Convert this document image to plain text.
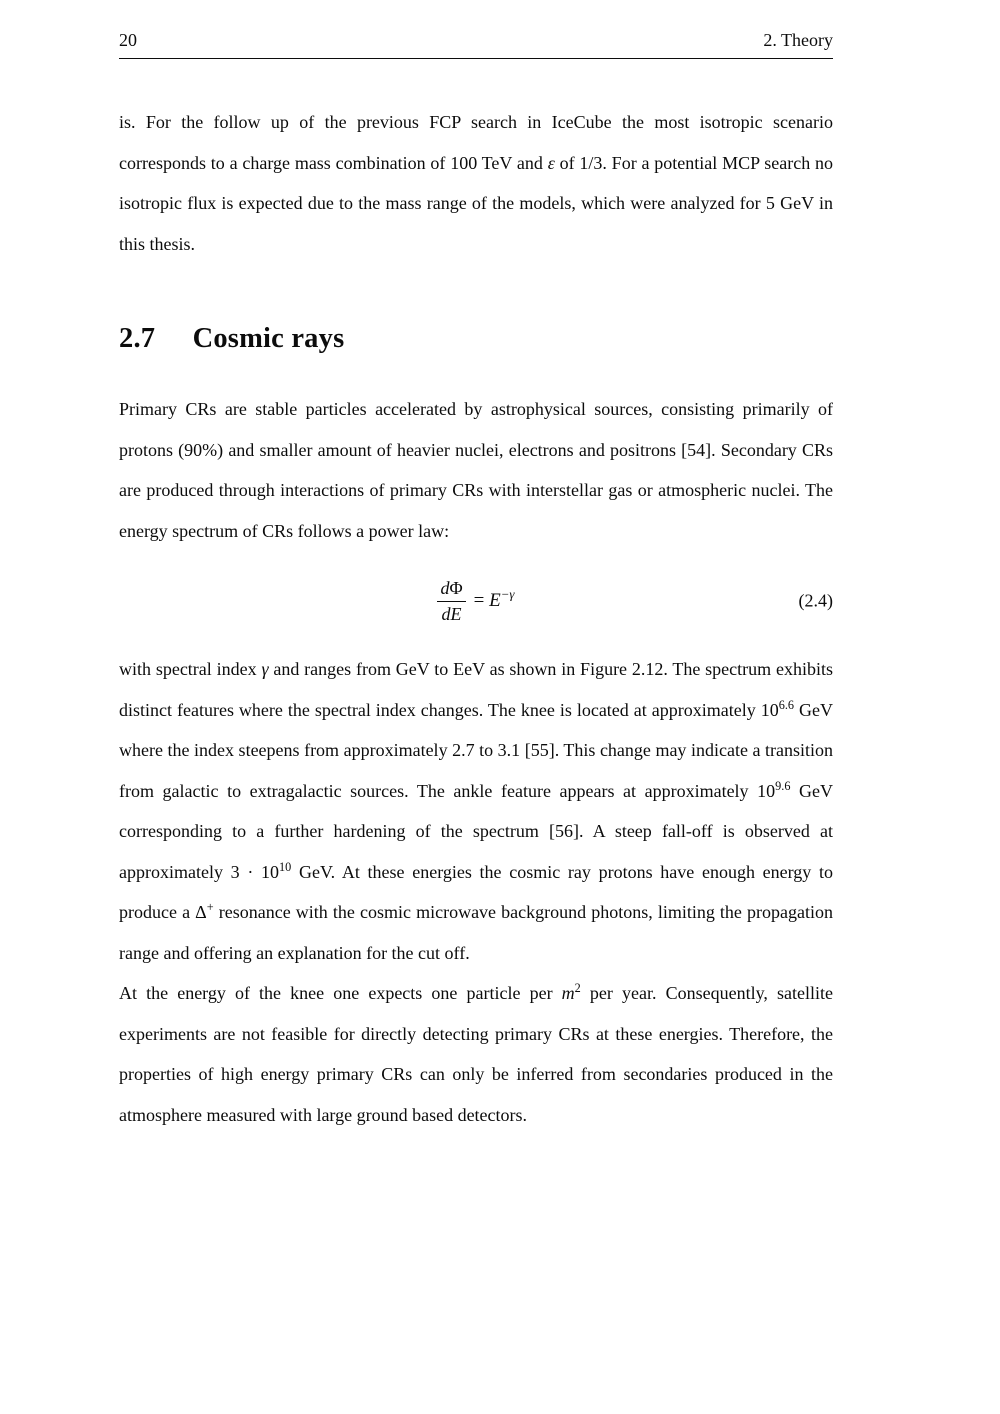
20	2. Theory

is. For the follow up of the previous FCP search in IceCube the most isotropic scenario corresponds to a charge mass combination of 100 TeV and ε of 1/3. For a potential MCP search no isotropic flux is expected due to the mass range of the models, which were analyzed for 5 GeV in this thesis.

2.7 Cosmic rays

Primary CRs are stable particles accelerated by astrophysical sources, consisting primarily of protons (90%) and smaller amount of heavier nuclei, electrons and positrons [54]. Secondary CRs are produced through interactions of primary CRs with interstellar gas or atmospheric nuclei. The energy spectrum of CRs follows a power law:

$\frac{d\Phi}{dE} = E^{-\gamma}$	(2.4)

with spectral index γ and ranges from GeV to EeV as shown in Figure 2.12. The spectrum exhibits distinct features where the spectral index changes. The knee is located at approximately $10^{6.6}$ GeV where the index steepens from approximately 2.7 to 3.1 [55]. This change may indicate a transition from galactic to extragalactic sources. The ankle feature appears at approximately $10^{9.6}$ GeV corresponding to a further hardening of the spectrum [56]. A steep fall-off is observed at approximately $3 \cdot 10^{10}$ GeV. At these energies the cosmic ray protons have enough energy to produce a Δ+ resonance with the cosmic microwave background photons, limiting the propagation range and offering an explanation for the cut off.

At the energy of the knee one expects one particle per $m^2$ per year. Consequently, satellite experiments are not feasible for directly detecting primary CRs at these energies. Therefore, the properties of high energy primary CRs can only be inferred from secondaries produced in the atmosphere measured with large ground based detectors.
